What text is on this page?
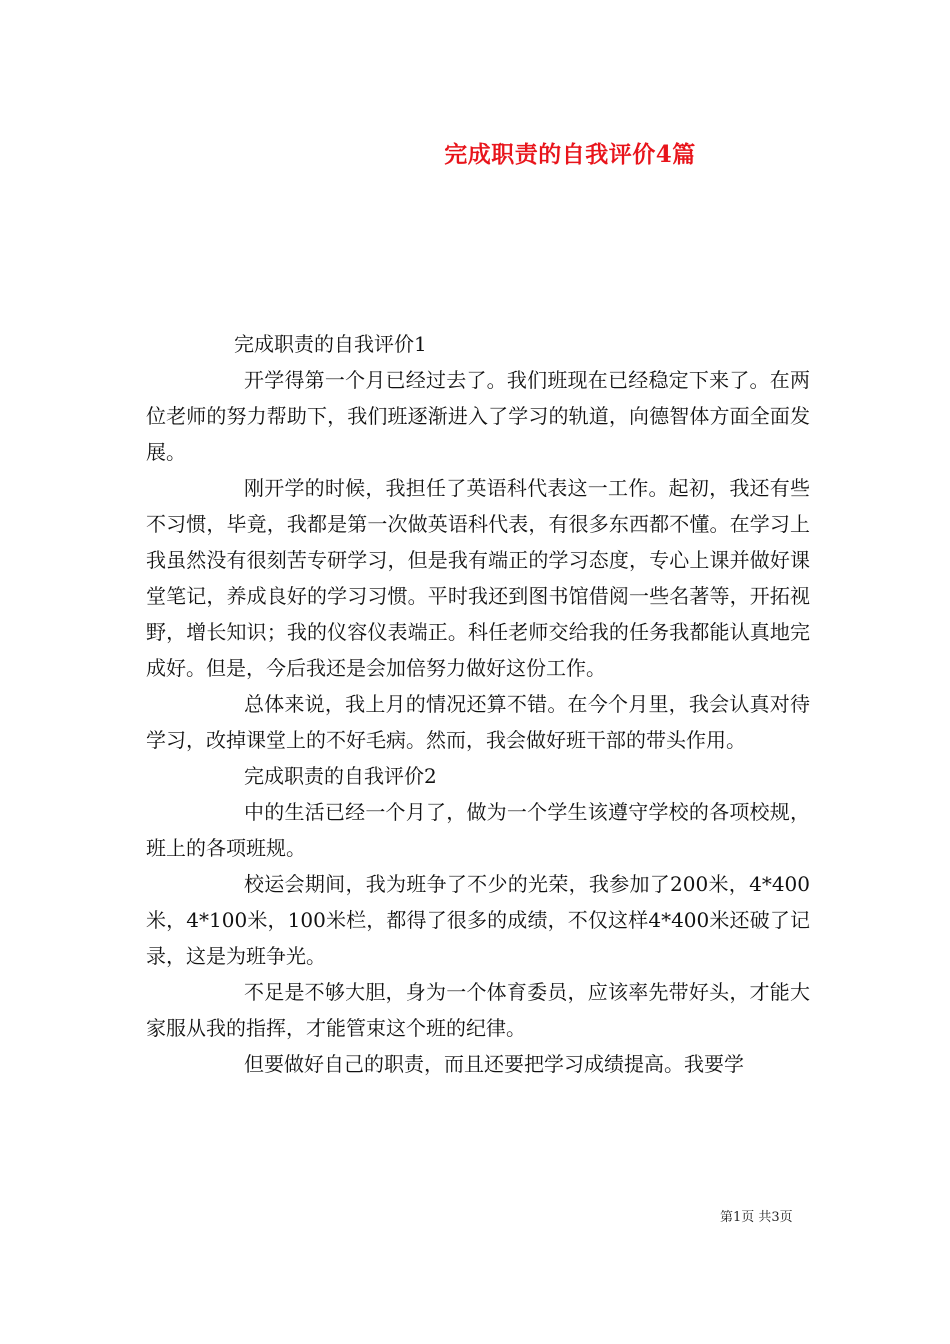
完成职责的自我评价4篇

完成职责的自我评价1

开学得第一个月已经过去了。我们班现在已经稳定下来了。在两位老师的努力帮助下，我们班逐渐进入了学习的轨道，向德智体方面全面发展。

刚开学的时候，我担任了英语科代表这一工作。起初，我还有些不习惯，毕竟，我都是第一次做英语科代表，有很多东西都不懂。在学习上我虽然没有很刻苦专研学习，但是我有端正的学习态度，专心上课并做好课堂笔记，养成良好的学习习惯。平时我还到图书馆借阅一些名著等，开拓视野，增长知识；我的仪容仪表端正。科任老师交给我的任务我都能认真地完成好。但是，今后我还是会加倍努力做好这份工作。

总体来说，我上月的情况还算不错。在今个月里，我会认真对待学习，改掉课堂上的不好毛病。然而，我会做好班干部的带头作用。

完成职责的自我评价2

中的生活已经一个月了，做为一个学生该遵守学校的各项校规，班上的各项班规。

校运会期间，我为班争了不少的光荣，我参加了200米，4*400米，4*100米，100米栏，都得了很多的成绩，不仅这样4*400米还破了记录，这是为班争光。

不足是不够大胆，身为一个体育委员，应该率先带好头，才能大家服从我的指挥，才能管束这个班的纪律。

但要做好自己的职责，而且还要把学习成绩提高。我要学

第1页 共3页
